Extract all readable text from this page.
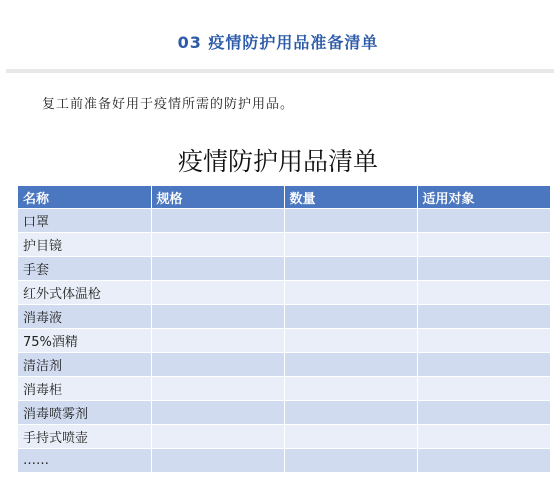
03 疫情防护用品准备清单
复工前准备好用于疫情所需的防护用品。
疫情防护用品清单
名称	规格	数量	适用对象
口罩			
护目镜			
手套			
红外式体温枪			
消毒液			
75%酒精			
清洁剂			
消毒柜			
消毒喷雾剂			
手持式喷壶			
……			
